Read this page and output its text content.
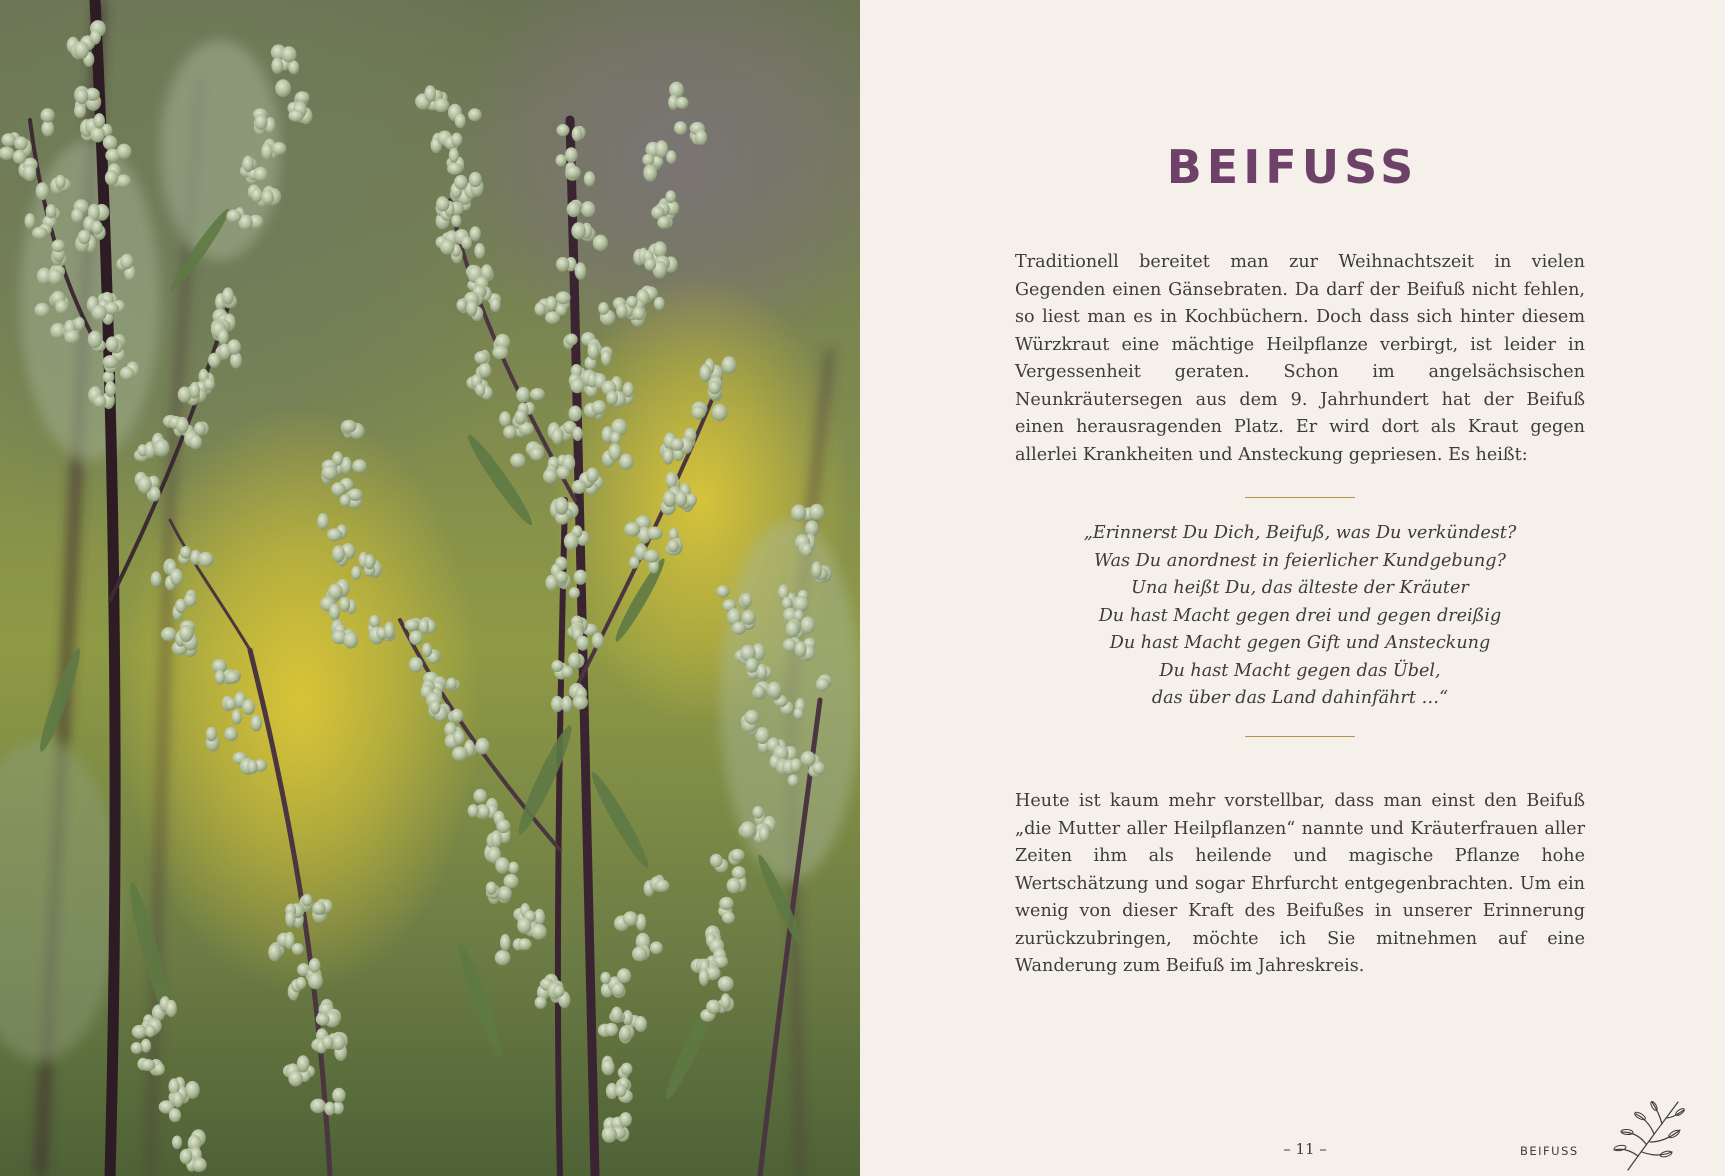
BEIFUSS

Traditionell bereitet man zur Weihnachtszeit in vielen Gegenden einen Gänsebraten. Da darf der Beifuß nicht fehlen, so liest man es in Kochbüchern. Doch dass sich hinter diesem Würzkraut eine mächtige Heilpflanze verbirgt, ist leider in Vergessenheit geraten. Schon im angelsächsischen Neunkräutersegen aus dem 9. Jahrhundert hat der Beifuß einen herausragenden Platz. Er wird dort als Kraut gegen allerlei Krankheiten und Ansteckung gepriesen. Es heißt:

„Erinnerst Du Dich, Beifuß, was Du verkündest?
Was Du anordnest in feierlicher Kundgebung?
Una heißt Du, das älteste der Kräuter
Du hast Macht gegen drei und gegen dreißig
Du hast Macht gegen Gift und Ansteckung
Du hast Macht gegen das Übel,
das über das Land dahinfährt …“

Heute ist kaum mehr vorstellbar, dass man einst den Beifuß „die Mutter aller Heilpflanzen“ nannte und Kräuterfrauen aller Zeiten ihm als heilende und magische Pflanze hohe Wertschätzung und sogar Ehrfurcht entgegenbrachten. Um ein wenig von dieser Kraft des Beifußes in unserer Erinnerung zurückzubringen, möchte ich Sie mitnehmen auf eine Wanderung zum Beifuß im Jahreskreis.

– 11 –	BEIFUSS
